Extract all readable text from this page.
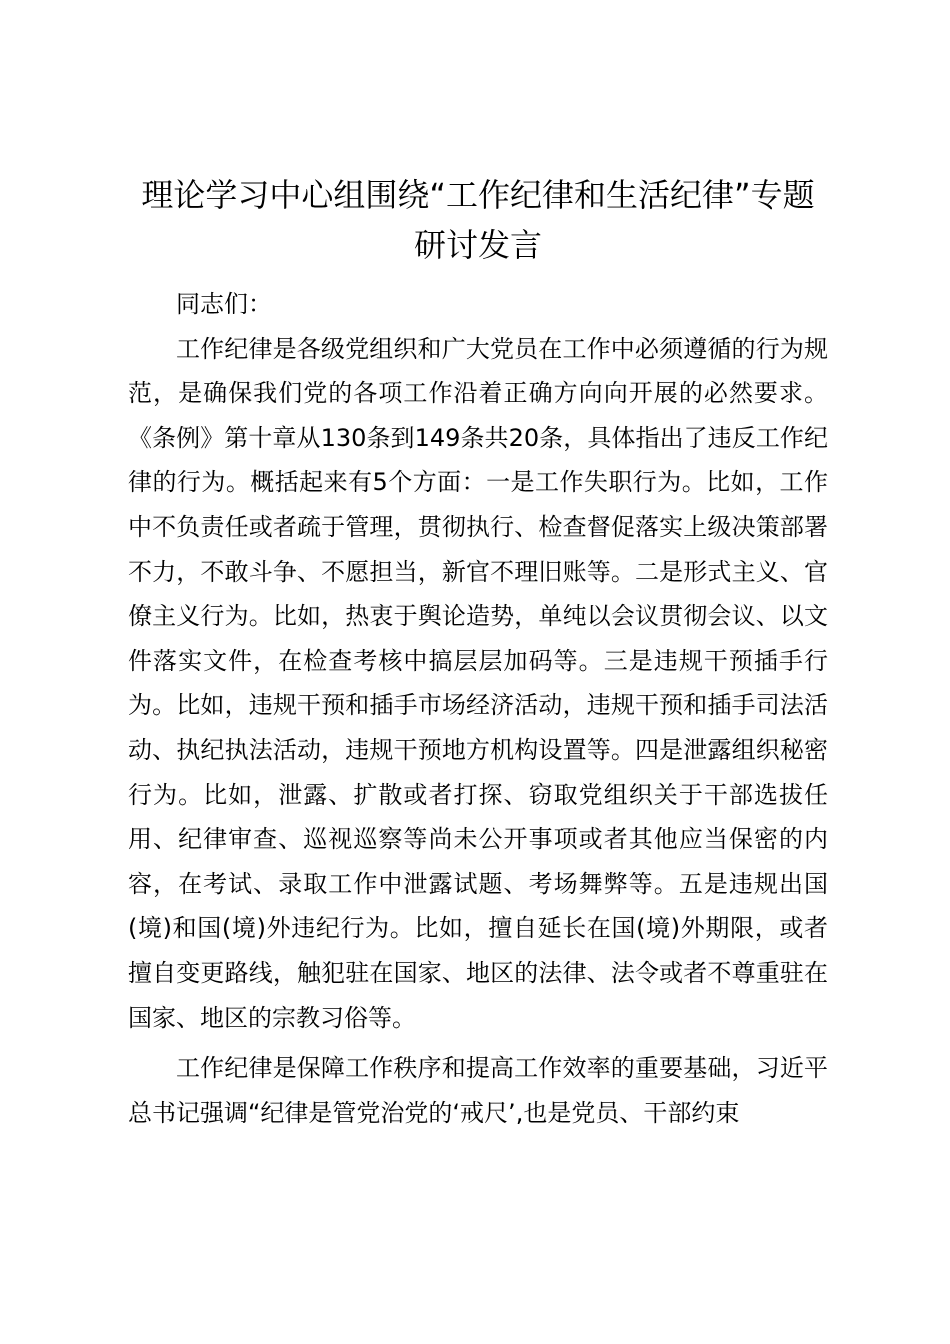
理论学习中心组围绕“工作纪律和生活纪律”专题研讨发言

同志们：

工作纪律是各级党组织和广大党员在工作中必须遵循的行为规范，是确保我们党的各项工作沿着正确方向向开展的必然要求。《条例》第十章从130条到149条共20条，具体指出了违反工作纪律的行为。概括起来有5个方面：一是工作失职行为。比如，工作中不负责任或者疏于管理，贯彻执行、检查督促落实上级决策部署不力，不敢斗争、不愿担当，新官不理旧账等。二是形式主义、官僚主义行为。比如，热衷于舆论造势，单纯以会议贯彻会议、以文件落实文件，在检查考核中搞层层加码等。三是违规干预插手行为。比如，违规干预和插手市场经济活动，违规干预和插手司法活动、执纪执法活动，违规干预地方机构设置等。四是泄露组织秘密行为。比如，泄露、扩散或者打探、窃取党组织关于干部选拔任用、纪律审查、巡视巡察等尚未公开事项或者其他应当保密的内容，在考试、录取工作中泄露试题、考场舞弊等。五是违规出国(境)和国(境)外违纪行为。比如，擅自延长在国(境)外期限，或者擅自变更路线，触犯驻在国家、地区的法律、法令或者不尊重驻在国家、地区的宗教习俗等。

工作纪律是保障工作秩序和提高工作效率的重要基础，习近平总书记强调“纪律是管党治党的‘戒尺’,也是党员、干部约束
